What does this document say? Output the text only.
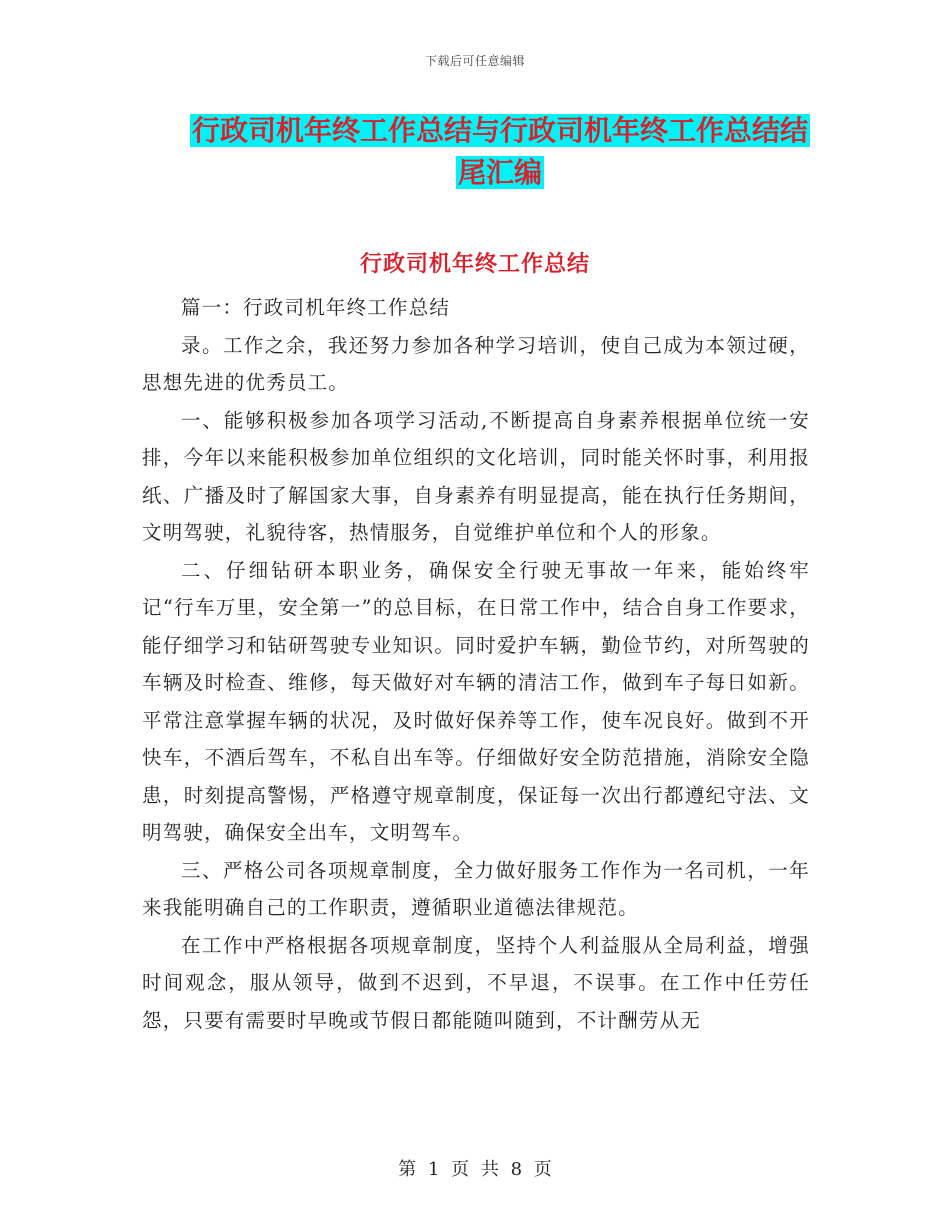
下载后可任意编辑
行政司机年终工作总结与行政司机年终工作总结结尾汇编
行政司机年终工作总结

篇一：行政司机年终工作总结

录。工作之余，我还努力参加各种学习培训，使自己成为本领过硬，思想先进的优秀员工。

一、能够积极参加各项学习活动,不断提高自身素养根据单位统一安排，今年以来能积极参加单位组织的文化培训，同时能关怀时事，利用报纸、广播及时了解国家大事，自身素养有明显提高，能在执行任务期间，文明驾驶，礼貌待客，热情服务，自觉维护单位和个人的形象。

二、仔细钻研本职业务，确保安全行驶无事故一年来，能始终牢记“行车万里，安全第一”的总目标，在日常工作中，结合自身工作要求，能仔细学习和钻研驾驶专业知识。同时爱护车辆，勤俭节约，对所驾驶的车辆及时检查、维修，每天做好对车辆的清洁工作，做到车子每日如新。平常注意掌握车辆的状况，及时做好保养等工作，使车况良好。做到不开快车，不酒后驾车，不私自出车等。仔细做好安全防范措施，消除安全隐患，时刻提高警惕，严格遵守规章制度，保证每一次出行都遵纪守法、文明驾驶，确保安全出车，文明驾车。

三、严格公司各项规章制度，全力做好服务工作作为一名司机，一年来我能明确自己的工作职责，遵循职业道德法律规范。

在工作中严格根据各项规章制度，坚持个人利益服从全局利益，增强时间观念，服从领导，做到不迟到，不早退，不误事。在工作中任劳任怨，只要有需要时早晚或节假日都能随叫随到，不计酬劳从无

第 1 页 共 8 页
